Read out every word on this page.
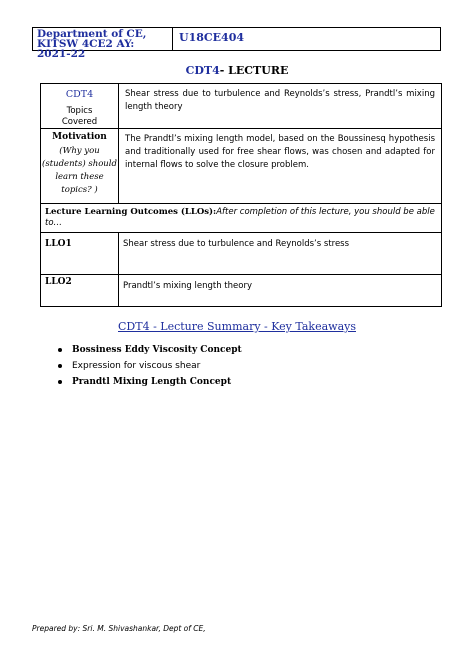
Department of CE, KITSW 4CE2 AY: 2021-22
U18CE404
CDT4- LECTURE
CDT4
Topics
Covered	Shear stress due to turbulence and Reynolds’s stress, Prandtl’s mixing length theory

Motivation
(Why you (students) should learn these topics? )	The Prandtl’s mixing length model, based on the Boussinesq hypothesis and traditionally used for free shear flows, was chosen and adapted for internal flows to solve the closure problem.

Lecture Learning Outcomes (LLOs):After completion of this lecture, you should be able to…	

LLO1	Shear stress due to turbulence and Reynolds’s stress

LLO2	Prandtl’s mixing length theory
CDT4 - Lecture Summary - Key Takeaways
Bossiness Eddy Viscosity Concept
Expression for viscous shear
Prandtl Mixing Length Concept
Prepared by: Sri. M. Shivashankar, Dept of CE,
